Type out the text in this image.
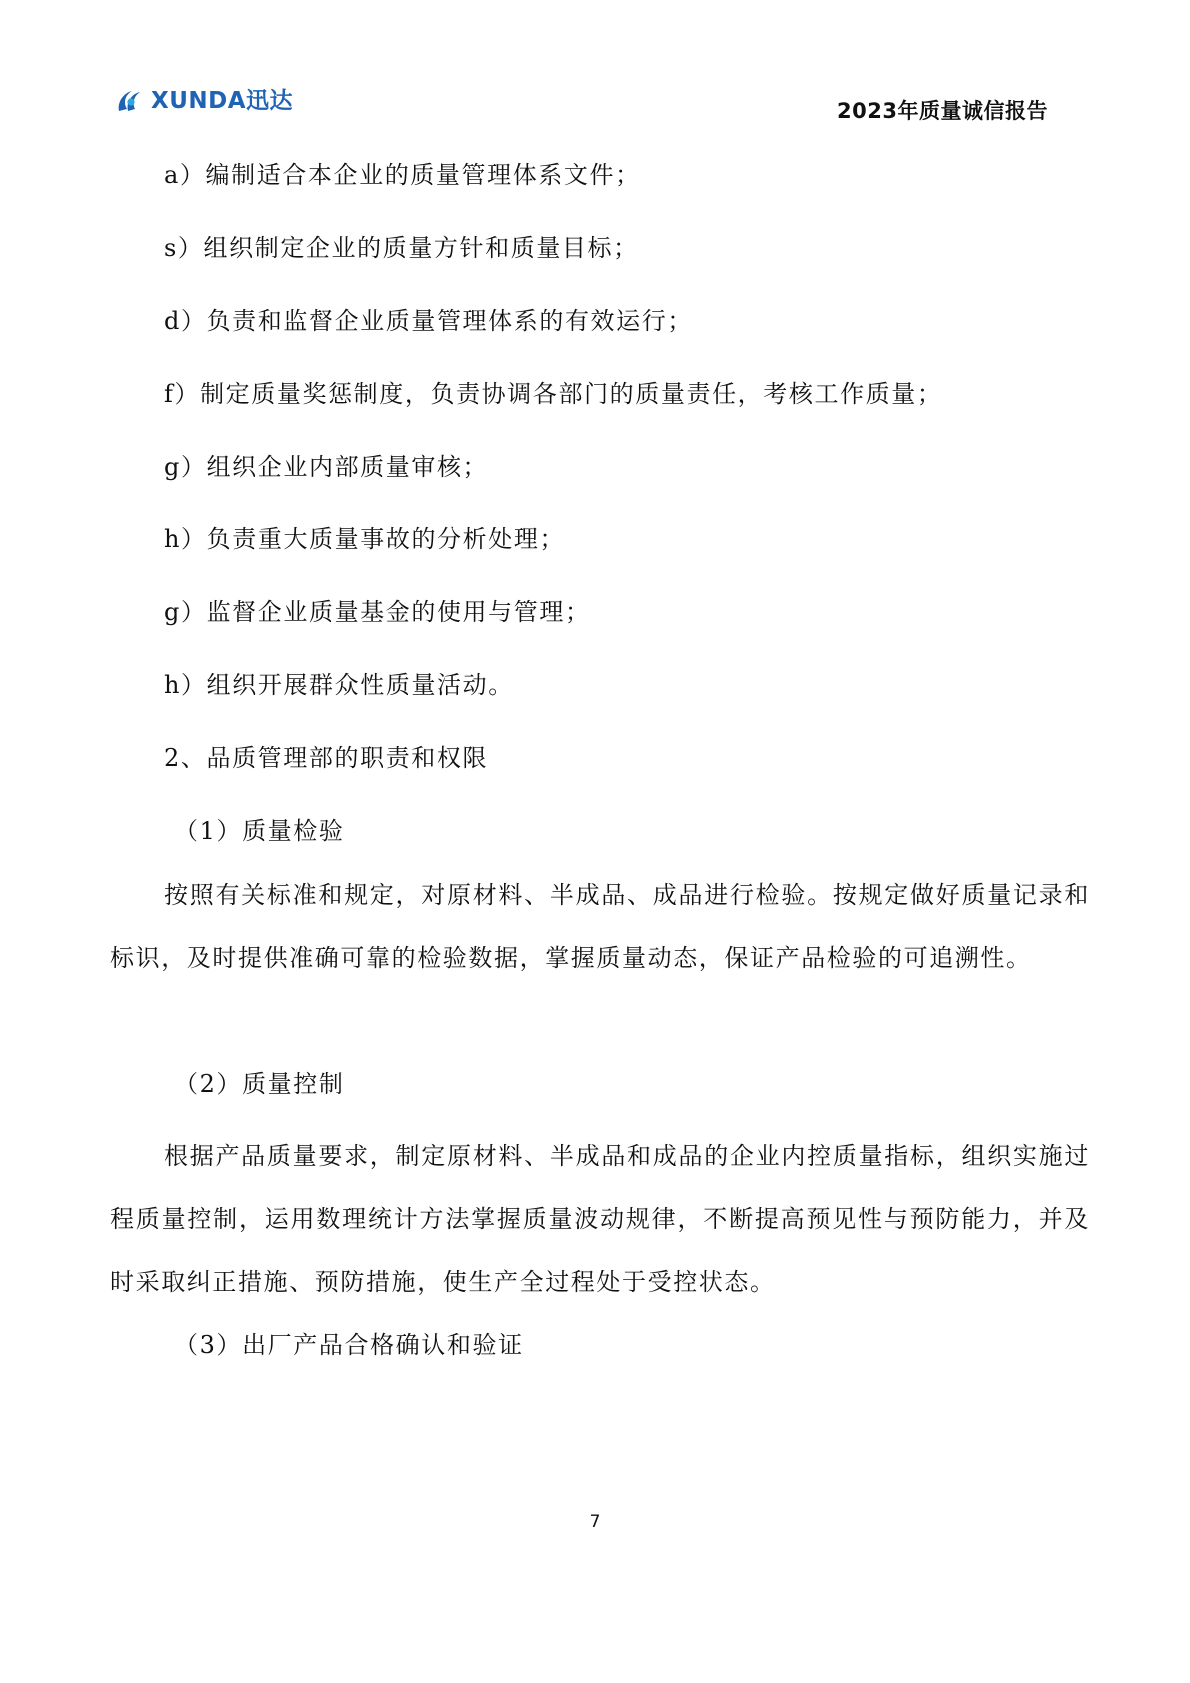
XUNDA迅达	2023年质量诚信报告
a）编制适合本企业的质量管理体系文件；
s）组织制定企业的质量方针和质量目标；
d）负责和监督企业质量管理体系的有效运行；
f）制定质量奖惩制度，负责协调各部门的质量责任，考核工作质量；
g）组织企业内部质量审核；
h）负责重大质量事故的分析处理；
g）监督企业质量基金的使用与管理；
h）组织开展群众性质量活动。
2、品质管理部的职责和权限
（1）质量检验
按照有关标准和规定，对原材料、半成品、成品进行检验。按规定做好质量记录和标识，及时提供准确可靠的检验数据，掌握质量动态，保证产品检验的可追溯性。
（2）质量控制
根据产品质量要求，制定原材料、半成品和成品的企业内控质量指标，组织实施过程质量控制，运用数理统计方法掌握质量波动规律，不断提高预见性与预防能力，并及时采取纠正措施、预防措施，使生产全过程处于受控状态。
（3）出厂产品合格确认和验证
7
